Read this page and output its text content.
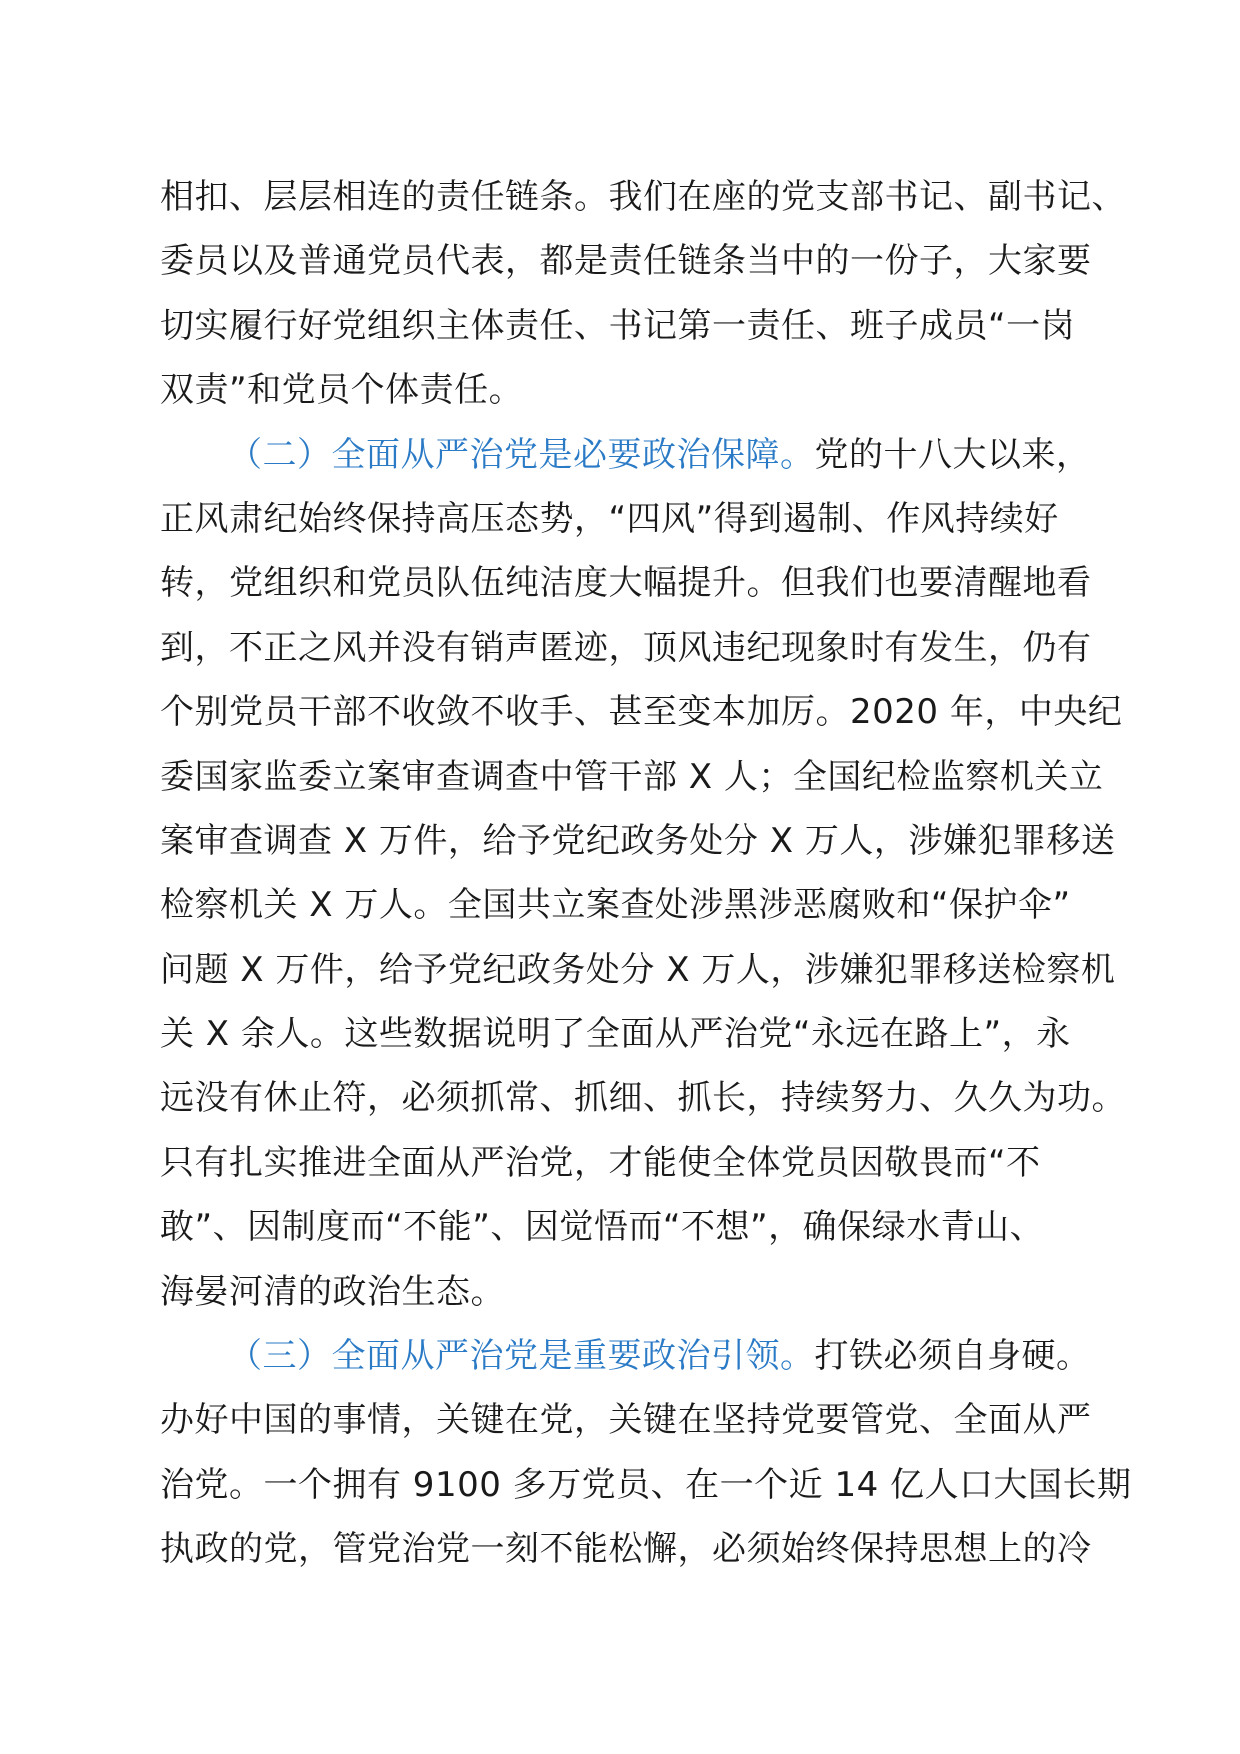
相扣、层层相连的责任链条。我们在座的党支部书记、副书记、
委员以及普通党员代表，都是责任链条当中的一份子，大家要
切实履行好党组织主体责任、书记第一责任、班子成员“一岗
双责”和党员个体责任。
（二）全面从严治党是必要政治保障。党的十八大以来，
正风肃纪始终保持高压态势，“四风”得到遏制、作风持续好
转，党组织和党员队伍纯洁度大幅提升。但我们也要清醒地看
到，不正之风并没有销声匿迹，顶风违纪现象时有发生，仍有
个别党员干部不收敛不收手、甚至变本加厉。2020 年，中央纪
委国家监委立案审查调查中管干部 X 人；全国纪检监察机关立
案审查调查 X 万件，给予党纪政务处分 X 万人，涉嫌犯罪移送
检察机关 X 万人。全国共立案查处涉黑涉恶腐败和“保护伞”
问题 X 万件，给予党纪政务处分 X 万人，涉嫌犯罪移送检察机
关 X 余人。这些数据说明了全面从严治党“永远在路上”，永
远没有休止符，必须抓常、抓细、抓长，持续努力、久久为功。
只有扎实推进全面从严治党，才能使全体党员因敬畏而“不
敢”、因制度而“不能”、因觉悟而“不想”，确保绿水青山、
海晏河清的政治生态。
（三）全面从严治党是重要政治引领。打铁必须自身硬。
办好中国的事情，关键在党，关键在坚持党要管党、全面从严
治党。一个拥有 9100 多万党员、在一个近 14 亿人口大国长期
执政的党，管党治党一刻不能松懈，必须始终保持思想上的冷
